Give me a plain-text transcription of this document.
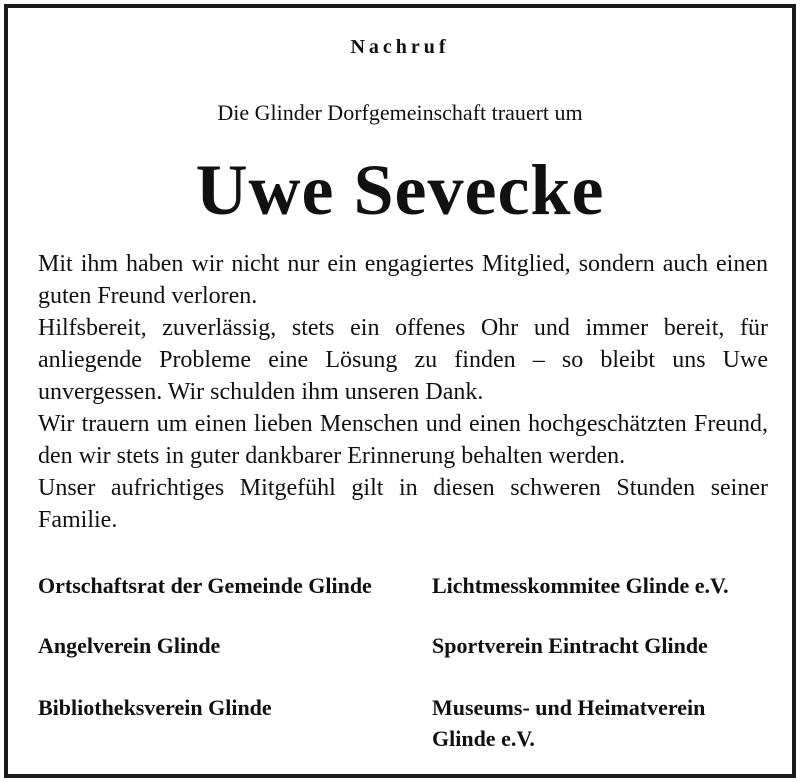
Nachruf
Die Glinder Dorfgemeinschaft trauert um
Uwe Sevecke

Mit ihm haben wir nicht nur ein engagiertes Mitglied, sondern auch einen guten Freund verloren.

Hilfsbereit, zuverlässig, stets ein offenes Ohr und immer bereit, für anliegende Probleme eine Lösung zu finden – so bleibt uns Uwe unvergessen. Wir schulden ihm unseren Dank.

Wir trauern um einen lieben Menschen und einen hochgeschätzten Freund, den wir stets in guter dankbarer Erinnerung behalten werden.

Unser aufrichtiges Mitgefühl gilt in diesen schweren Stunden seiner Familie.

Ortschaftsrat der Gemeinde Glinde	Lichtmesskommitee Glinde e.V.
Angelverein Glinde	Sportverein Eintracht Glinde
Bibliotheksverein Glinde	Museums- und Heimatverein
Glinde e.V.
